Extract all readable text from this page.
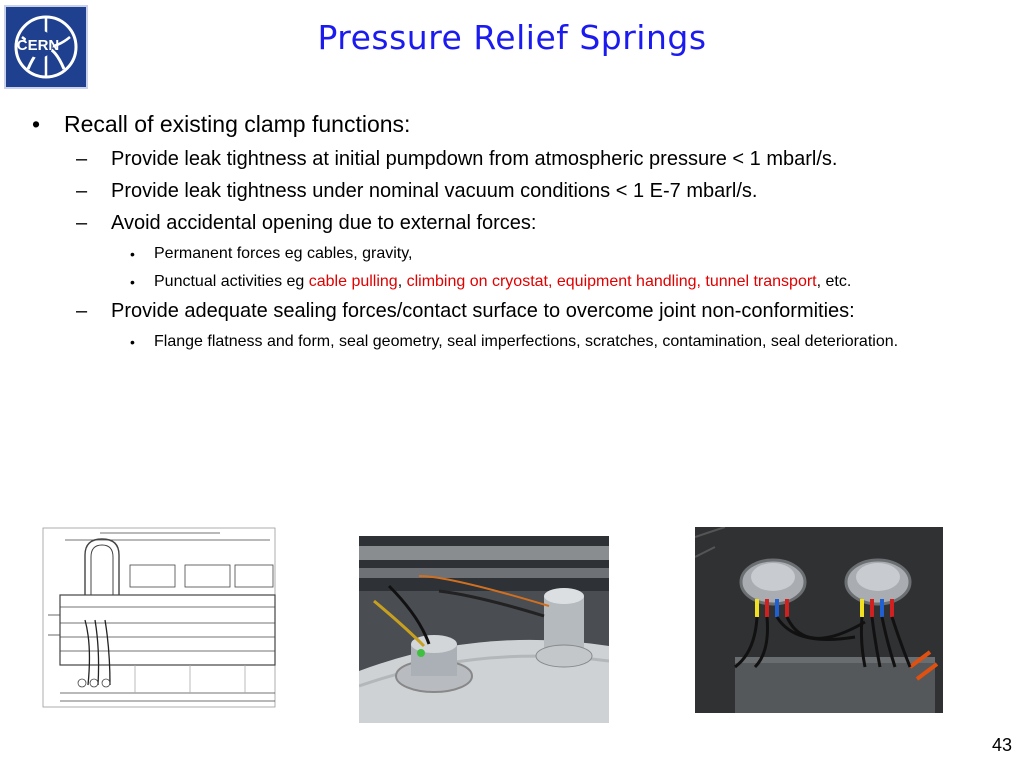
CERN	Pressure Relief Springs
• Recall of existing clamp functions:
– Provide leak tightness at initial pumpdown from atmospheric pressure < 1 mbarl/s.
– Provide leak tightness under nominal vacuum conditions < 1 E-7 mbarl/s.
– Avoid accidental opening due to external forces:
• Permanent forces eg cables, gravity,
• Punctual activities eg cable pulling, climbing on cryostat, equipment handling, tunnel transport, etc.
– Provide adequate sealing forces/contact surface to overcome joint non-conformities:
• Flange flatness and form, seal geometry, seal imperfections, scratches, contamination, seal deterioration.
43
